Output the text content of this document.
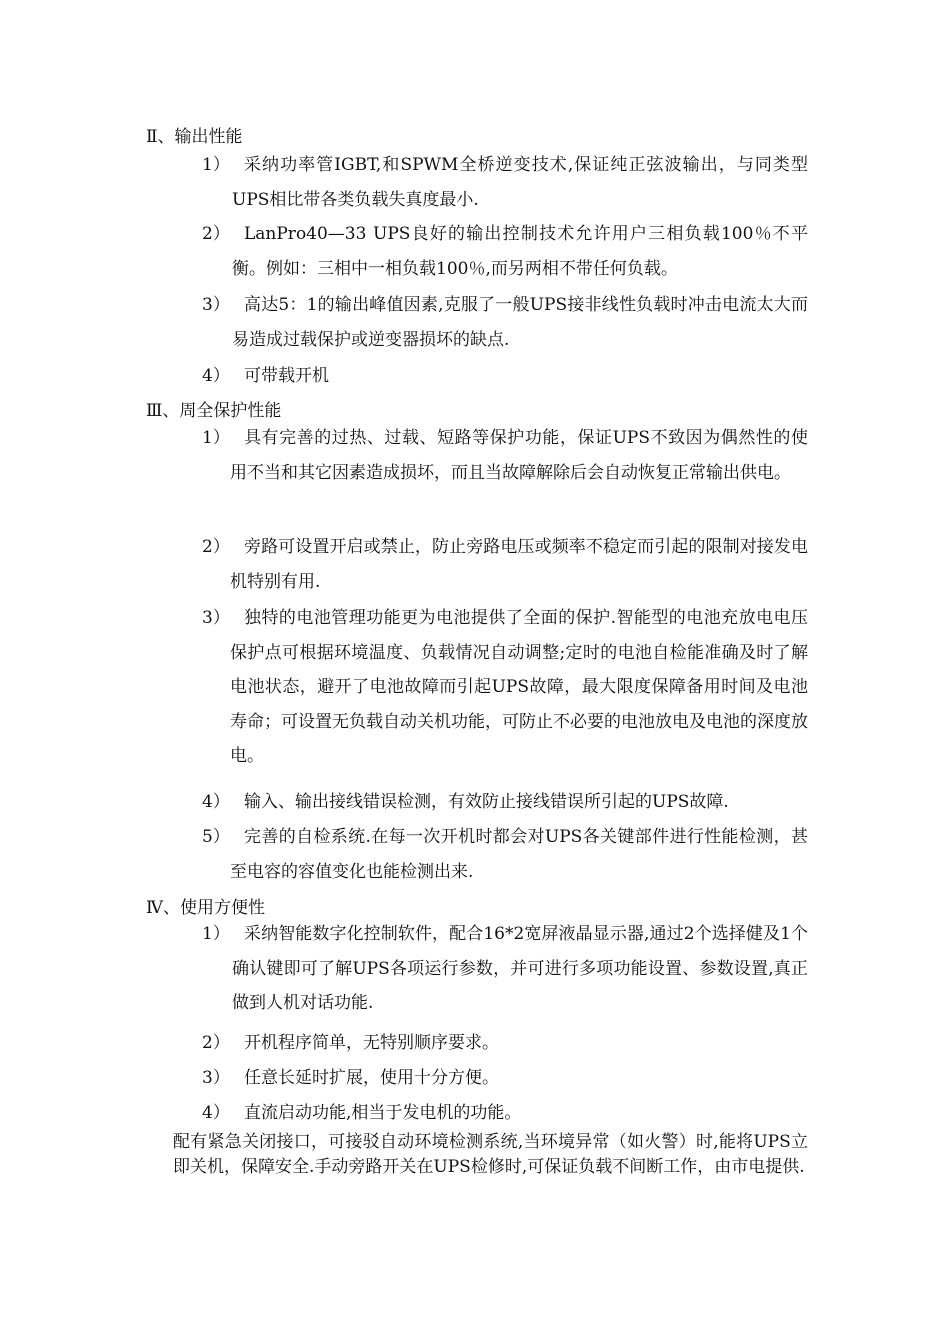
Ⅱ、输出性能
1） 采纳功率管IGBT,和SPWM全桥逆变技术,保证纯正弦波输出，与同类型UPS相比带各类负载失真度最小.
2） LanPro40—33 UPS良好的输出控制技术允许用户三相负载100％不平衡。例如：三相中一相负载100％,而另两相不带任何负载。
3） 高达5：1的输出峰值因素,克服了一般UPS接非线性负载时冲击电流太大而易造成过载保护或逆变器损坏的缺点.
4） 可带载开机
Ⅲ、周全保护性能
1） 具有完善的过热、过载、短路等保护功能，保证UPS不致因为偶然性的使用不当和其它因素造成损坏，而且当故障解除后会自动恢复正常输出供电。
2） 旁路可设置开启或禁止，防止旁路电压或频率不稳定而引起的限制对接发电机特别有用.
3） 独特的电池管理功能更为电池提供了全面的保护.智能型的电池充放电电压保护点可根据环境温度、负载情况自动调整;定时的电池自检能准确及时了解电池状态，避开了电池故障而引起UPS故障，最大限度保障备用时间及电池寿命；可设置无负载自动关机功能，可防止不必要的电池放电及电池的深度放电。
4） 输入、输出接线错误检测，有效防止接线错误所引起的UPS故障.
5） 完善的自检系统.在每一次开机时都会对UPS各关键部件进行性能检测，甚至电容的容值变化也能检测出来.
Ⅳ、使用方便性
1） 采纳智能数字化控制软件，配合16*2宽屏液晶显示器,通过2个选择健及1个确认键即可了解UPS各项运行参数，并可进行多项功能设置、参数设置,真正做到人机对话功能.
2） 开机程序简单，无特别顺序要求。
3） 任意长延时扩展，使用十分方便。
4） 直流启动功能,相当于发电机的功能。
配有紧急关闭接口，可接驳自动环境检测系统,当环境异常（如火警）时,能将UPS立即关机，保障安全.手动旁路开关在UPS检修时,可保证负载不间断工作，由市电提供.
